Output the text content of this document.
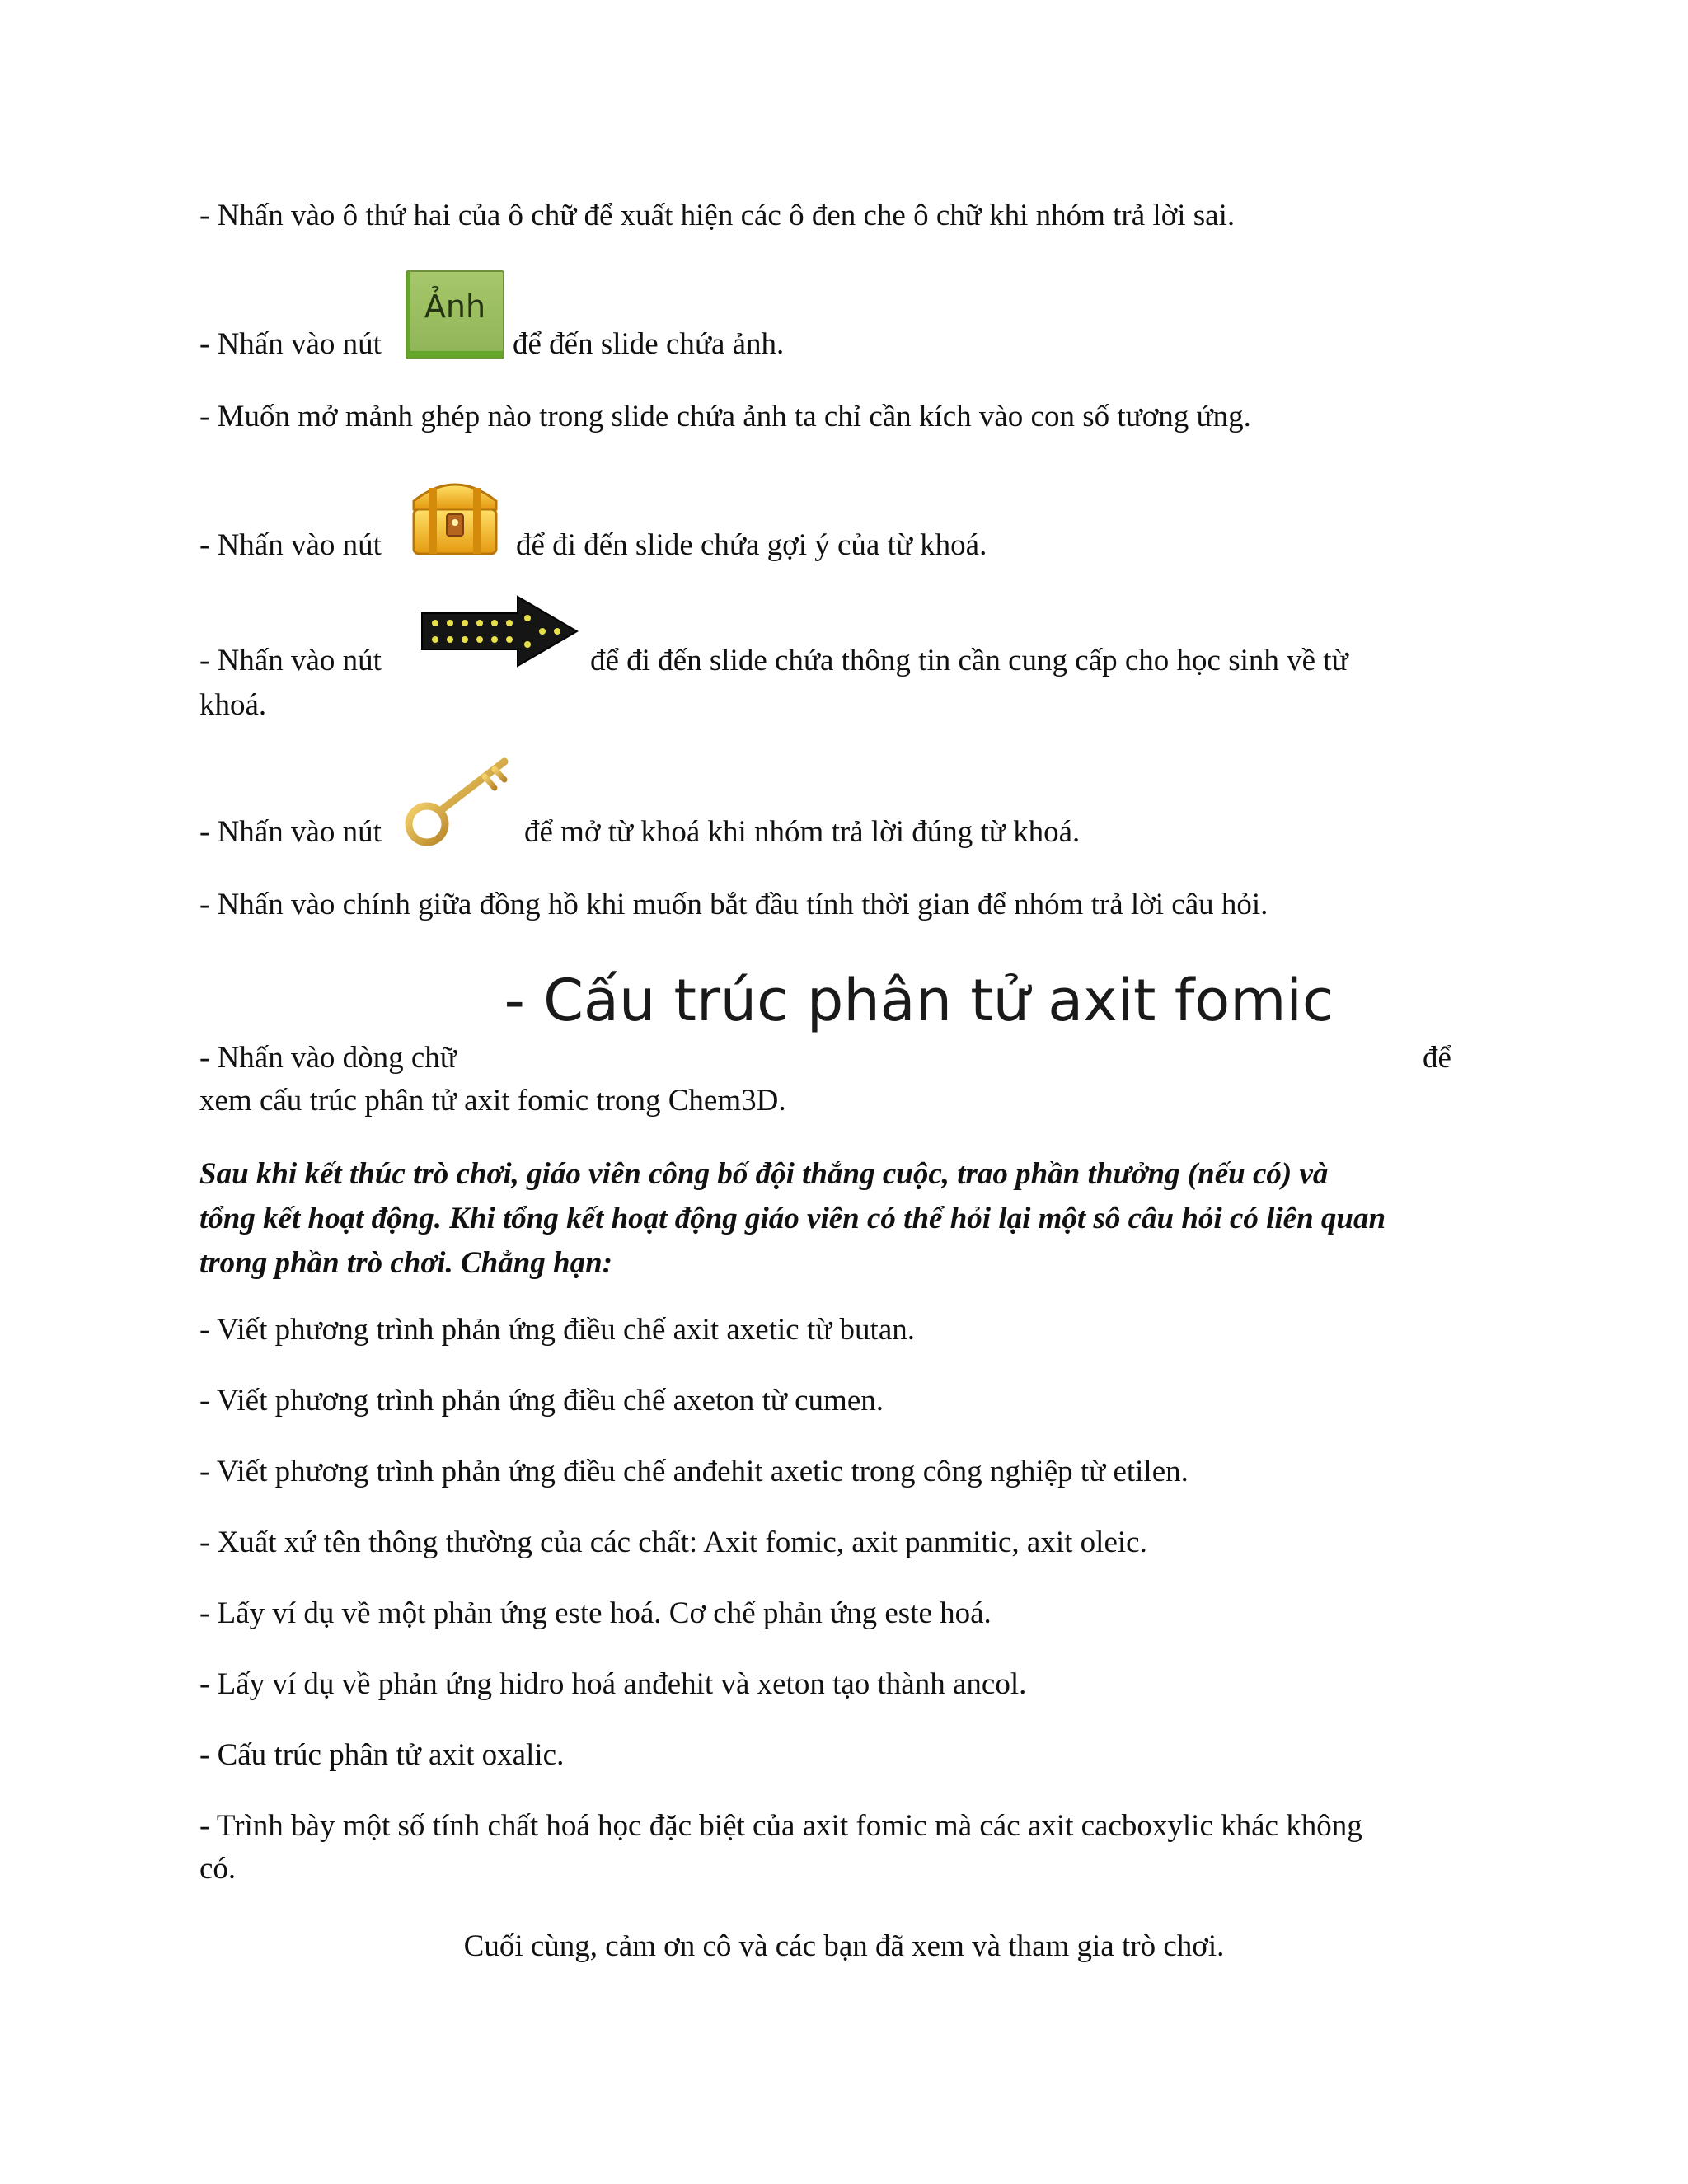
- Nhấn vào ô thứ hai của ô chữ để xuất hiện các ô đen che ô chữ khi nhóm trả lời sai.
- Nhấn vào nút
Ảnh
để đến slide chứa ảnh.
- Muốn mở mảnh ghép nào trong slide chứa ảnh ta chỉ cần kích vào con số tương ứng.
- Nhấn vào nút	để đi đến slide chứa gợi ý của từ khoá.
- Nhấn vào nút	để đi đến slide chứa thông tin cần cung cấp cho học sinh về từ
khoá.
- Nhấn vào nút	để mở từ khoá khi nhóm trả lời đúng từ khoá.
- Nhấn vào chính giữa đồng hồ khi muốn bắt đầu tính thời gian để nhóm trả lời câu hỏi.
- Cấu trúc phân tử axit fomic
- Nhấn vào dòng chữ	để
xem cấu trúc phân tử axit fomic trong Chem3D.
Sau khi kết thúc trò chơi, giáo viên công bố đội thắng cuộc, trao phần thưởng (nếu có) và
tổng kết hoạt động. Khi tổng kết hoạt động giáo viên có thể hỏi lại một sô câu hỏi có liên quan
trong phần trò chơi. Chẳng hạn:
- Viết phương trình phản ứng điều chế axit axetic từ butan.
- Viết phương trình phản ứng điều chế axeton từ cumen.
- Viết phương trình phản ứng điều chế anđehit axetic trong công nghiệp từ etilen.
- Xuất xứ tên thông thường của các chất: Axit fomic, axit panmitic, axit oleic.
- Lấy ví dụ về một phản ứng este hoá. Cơ chế phản ứng este hoá.
- Lấy ví dụ về phản ứng hidro hoá anđehit và xeton tạo thành ancol.
- Cấu trúc phân tử axit oxalic.
- Trình bày một số tính chất hoá học đặc biệt của axit fomic mà các axit cacboxylic khác không
có.
Cuối cùng, cảm ơn cô và các bạn đã xem và tham gia trò chơi.
